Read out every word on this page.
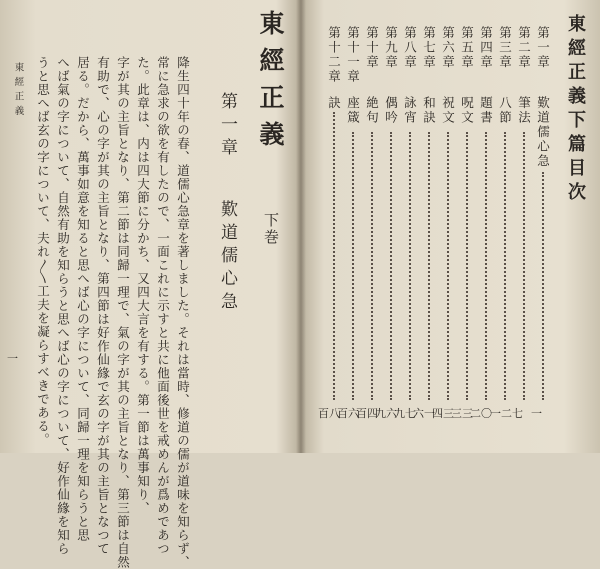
東經正義
下巻
第一章
歎道儒心急
降生四十年の春、道儒心急章を著しました。それは當時、修道の儒が道味を知らず、
常に急求の欲を有したので、一面これに示すと共に他面後世を戒めんが爲めであつ
た。此章は、内は四大節に分かち、又四大言を有する。第一節は萬事知り、
字が其の主旨となり、第二節は同歸一理で、氣の字が其の主旨となり、第三節は自然
有助で、心の字が其の主旨となり、第四節は好作仙緣で玄の字が其の主旨となつて
居る。だから、萬事如意を知ると思へば心の字について、同歸一理を知らうと思
へば氣の字について、自然有助を知らうと思へば心の字について、好作仙緣を知ら
うと思へば玄の字について、夫れ〳〵工夫を凝らすべきである。
東經正義
一
東經正義下篇目次
第一章
歎道儒心急
一
第二章
筆法
七
第三章
八節
一二
第四章
題書
二〇
第五章
呪文
三三
第六章
祝文
四三
第七章
和訣
六一
第八章
詠宵
九七
第九章
偶吟
九六
第十章
絶句
百四
第十一章
座箴
百六
第十二章
訣
百八
